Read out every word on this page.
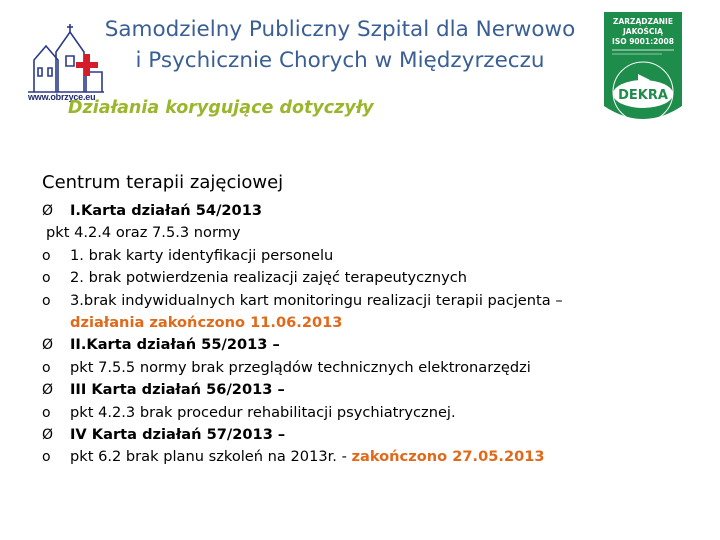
www.obrzyce.eu
Samodzielny Publiczny Szpital dla Nerwowo
i Psychicznie Chorych w Międzyrzeczu
Działania korygujące dotyczyły
ZARZĄDZANIE
JAKOŚCIĄ
ISO 9001:2008
DEKRA
Centrum terapii zajęciowej
Ø	I.Karta działań 54/2013
pkt 4.2.4 oraz 7.5.3 normy
o	1. brak karty identyfikacji personelu
o	2. brak potwierdzenia realizacji zajęć terapeutycznych
o	3.brak indywidualnych kart monitoringu realizacji terapii pacjenta –
działania zakończono 11.06.2013
Ø	II.Karta działań 55/2013 –
o	pkt 7.5.5 normy brak przeglądów technicznych elektronarzędzi
Ø	III Karta działań 56/2013 –
o	pkt 4.2.3 brak procedur rehabilitacji psychiatrycznej.
Ø	IV Karta działań 57/2013 –
o	pkt 6.2 brak planu szkoleń na 2013r. - zakończono 27.05.2013
